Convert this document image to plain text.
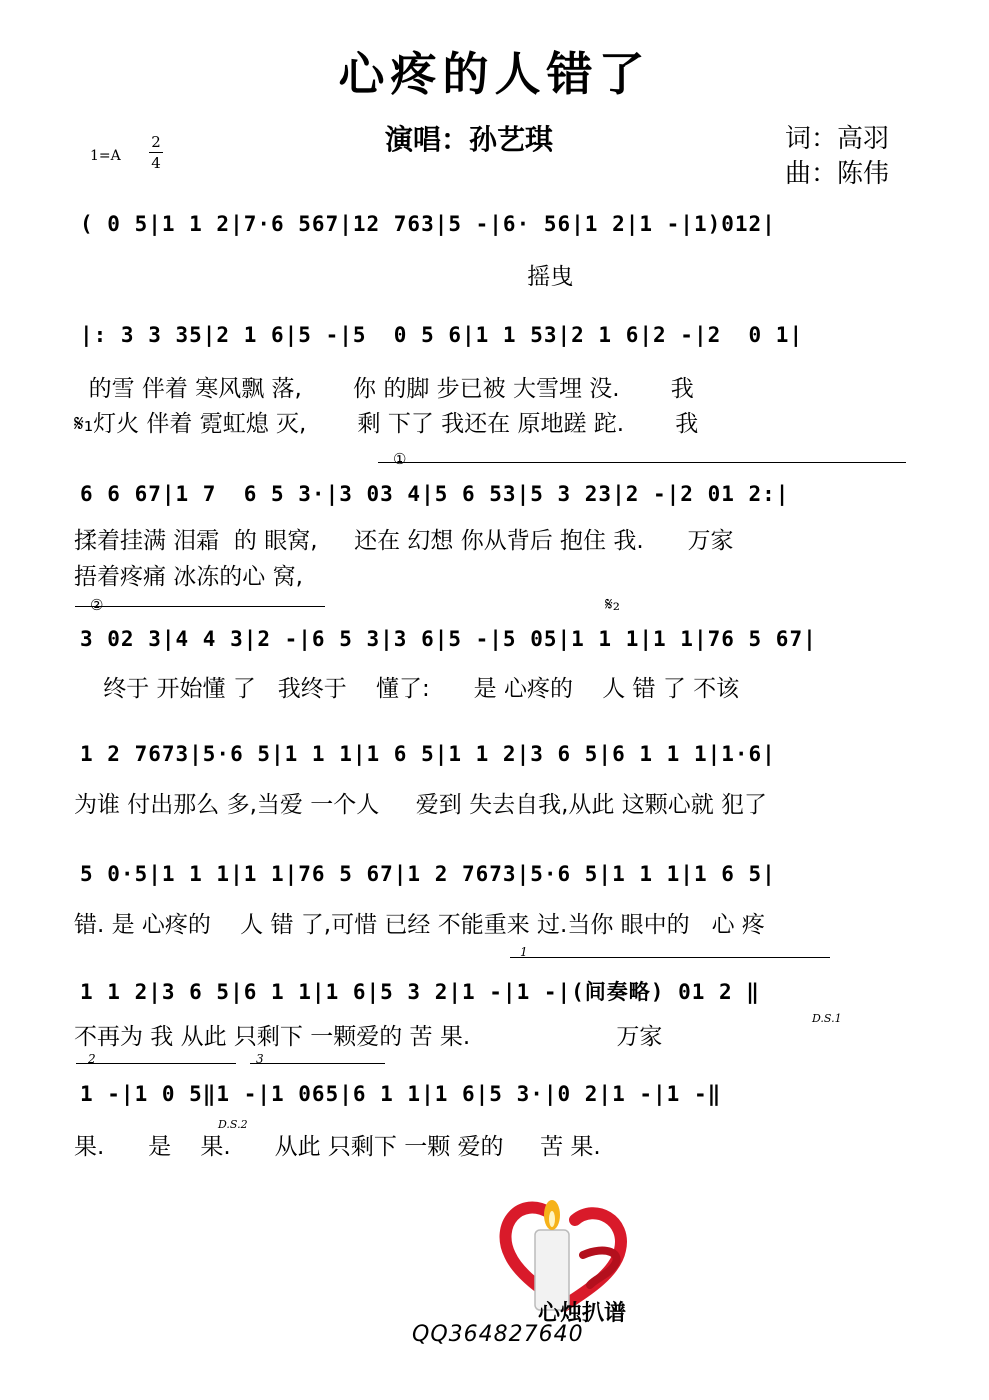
心疼的人错了
演唱：孙艺琪	词：高羽
曲：陈伟
1=A
2
4
( 0 5|1 1 2|7·6 567|12 763|5 -|6· 56|1 2|1 -|1)012|
摇曳
|: 3 3 35|2 1 6|5 -|5  0 5 6|1 1 53|2 1 6|2 -|2  0 1|
的雪 伴着 寒风飘 落,       你 的脚 步已被 大雪埋 没.       我
𝄋₁灯火 伴着 霓虹熄 灭,       剩 下了 我还在 原地蹉 跎.       我
①
6 6 67|1 7  6 5 3·|3 03 4|5 6 53|5 3 23|2 -|2 01 2:|
揉着挂满 泪霜  的 眼窝,     还在 幻想 你从背后 抱住 我.      万家
捂着疼痛 冰冻的心 窝,
②	𝄋₂
3 02 3|4 4 3|2 -|6 5 3|3 6|5 -|5 05|1 1 1|1 1|76 5 67|
终于 开始懂 了   我终于    懂了:      是 心疼的    人 错 了 不该
1 2 7673|5·6 5|1 1 1|1 6 5|1 1 2|3 6 5|6 1 1 1|1·6|
为谁 付出那么 多,当爱 一个人     爱到 失去自我,从此 这颗心就 犯了
5 0·5|1 1 1|1 1|76 5 67|1 2 7673|5·6 5|1 1 1|1 6 5|
错. 是 心疼的    人 错 了,可惜 已经 不能重来 过.当你 眼中的   心 疼
1
1 1 2|3 6 5|6 1 1|1 6|5 3 2|1 -|1 -|(间奏略) 01 2 ‖
不再为 我 从此 只剩下 一颗爱的 苦 果.                    万家
D.S.1
2	3
1 -|1 0 5‖1 -|1 065|6 1 1|1 6|5 3·|0 2|1 -|1 -‖
D.S.2
果.      是    果.      从此 只剩下 一颗 爱的     苦 果.
心烛扒谱
QQ364827640
